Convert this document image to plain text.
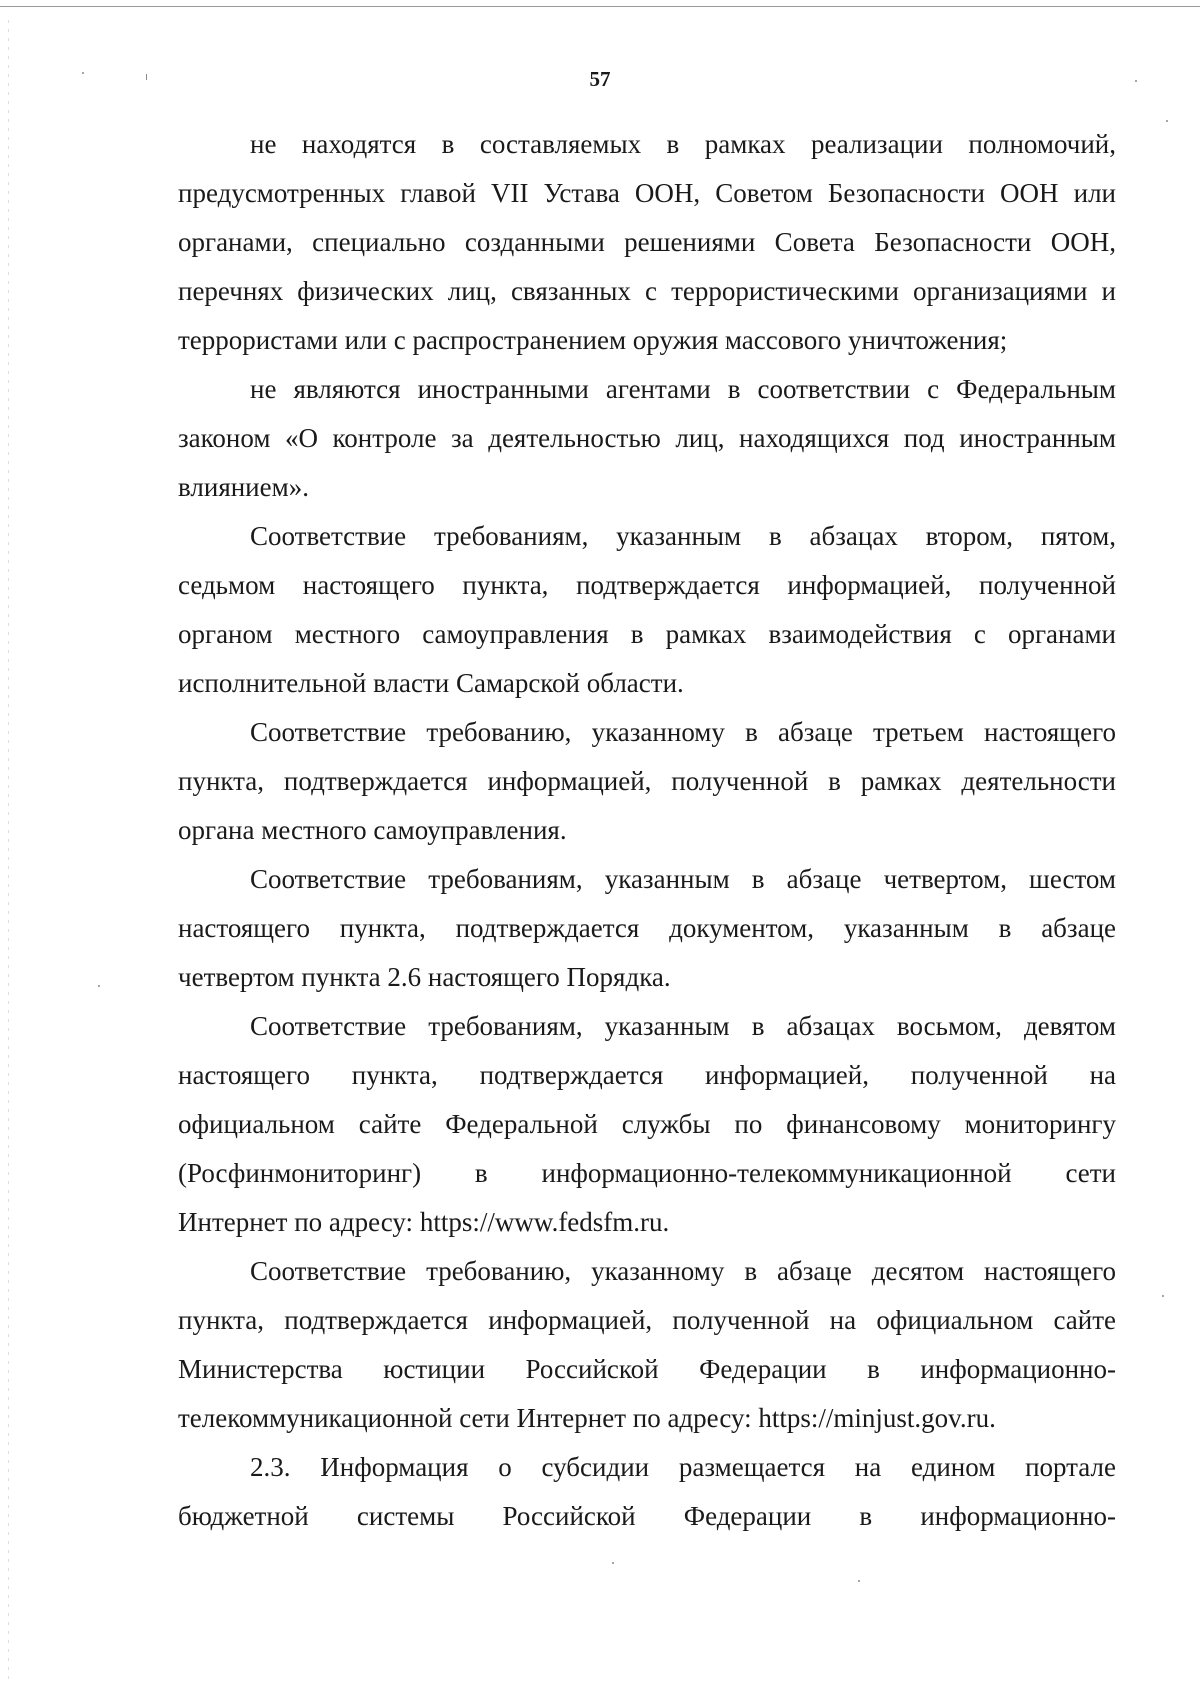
57
не находятся в составляемых в рамках реализации полномочий,
предусмотренных главой VII Устава ООН, Советом Безопасности ООН или
органами, специально созданными решениями Совета Безопасности ООН,
перечнях физических лиц, связанных с террористическими организациями и
террористами или с распространением оружия массового уничтожения;
не являются иностранными агентами в соответствии с Федеральным
законом «О контроле за деятельностью лиц, находящихся под иностранным
влиянием».
Соответствие требованиям, указанным в абзацах втором, пятом,
седьмом настоящего пункта, подтверждается информацией, полученной
органом местного самоуправления в рамках взаимодействия с органами
исполнительной власти Самарской области.
Соответствие требованию, указанному в абзаце третьем настоящего
пункта, подтверждается информацией, полученной в рамках деятельности
органа местного самоуправления.
Соответствие требованиям, указанным в абзаце четвертом, шестом
настоящего пункта, подтверждается документом, указанным в абзаце
четвертом пункта 2.6 настоящего Порядка.
Соответствие требованиям, указанным в абзацах восьмом, девятом
настоящего пункта, подтверждается информацией, полученной на
официальном сайте Федеральной службы по финансовому мониторингу
(Росфинмониторинг) в информационно-телекоммуникационной сети
Интернет по адресу: https://www.fedsfm.ru.
Соответствие требованию, указанному в абзаце десятом настоящего
пункта, подтверждается информацией, полученной на официальном сайте
Министерства юстиции Российской Федерации в информационно-
телекоммуникационной сети Интернет по адресу: https://minjust.gov.ru.
2.3. Информация о субсидии размещается на едином портале
бюджетной системы Российской Федерации в информационно-
